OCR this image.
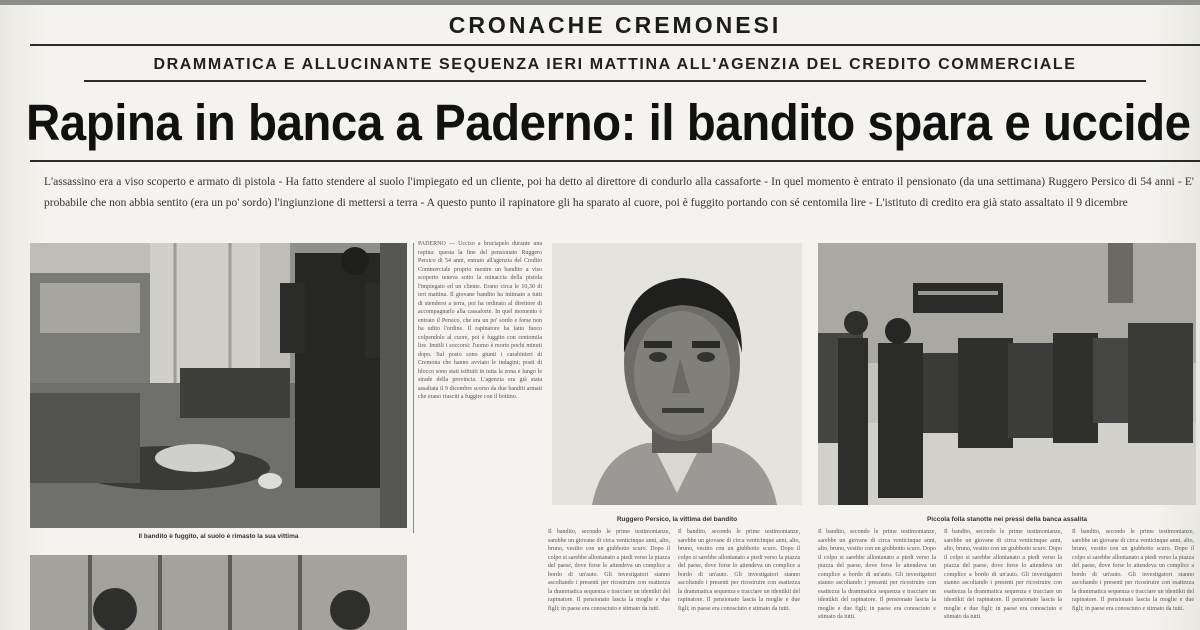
CRONACHE CREMONESI
DRAMMATICA E ALLUCINANTE SEQUENZA IERI MATTINA ALL'AGENZIA DEL CREDITO COMMERCIALE
Rapina in banca a Paderno: il bandito spara e uccide
L'assassino era a viso scoperto e armato di pistola - Ha fatto stendere al suolo l'impiegato ed un cliente, poi ha detto al direttore di condurlo alla cassaforte - In quel momento è entrato il pensionato (da una settimana) Ruggero Persico di 54 anni - E' probabile che non abbia sentito (era un po' sordo) l'ingiunzione di mettersi a terra - A questo punto il rapinatore gli ha sparato al cuore, poi è fuggito portando con sé centomila lire - L'istituto di credito era già stato assaltato il 9 dicembre
Il bandito è fuggito, al suolo è rimasto la sua vittima
PADERNO — Ucciso a bruciapelo durante una rapina: questa la fine del pensionato Ruggero Persico di 54 anni, entrato all'agenzia del Credito Commerciale proprio mentre un bandito a viso scoperto teneva sotto la minaccia della pistola l'impiegato ed un cliente. Erano circa le 10,30 di ieri mattina. Il giovane bandito ha intimato a tutti di stendersi a terra, poi ha ordinato al direttore di accompagnarlo alla cassaforte. In quel momento è entrato il Persico, che era un po' sordo e forse non ha udito l'ordine. Il rapinatore ha fatto fuoco colpendolo al cuore, poi è fuggito con centomila lire. Inutili i soccorsi: l'uomo è morto pochi minuti dopo. Sul posto sono giunti i carabinieri di Cremona che hanno avviato le indagini; posti di blocco sono stati istituiti in tutta la zona e lungo le strade della provincia. L'agenzia era già stata assaltata il 9 dicembre scorso da due banditi armati che erano riusciti a fuggire con il bottino.
Ruggero Persico, la vittima del bandito	Piccola folla stanotte nei pressi della banca assalita
Il bandito, secondo le prime testimonianze, sarebbe un giovane di circa venticinque anni, alto, bruno, vestito con un giubbotto scuro. Dopo il colpo si sarebbe allontanato a piedi verso la piazza del paese, dove forse lo attendeva un complice a bordo di un'auto. Gli investigatori stanno ascoltando i presenti per ricostruire con esattezza la drammatica sequenza e tracciare un identikit del rapinatore. Il pensionato lascia la moglie e due figli; in paese era conosciuto e stimato da tutti.
Il bandito, secondo le prime testimonianze, sarebbe un giovane di circa venticinque anni, alto, bruno, vestito con un giubbotto scuro. Dopo il colpo si sarebbe allontanato a piedi verso la piazza del paese, dove forse lo attendeva un complice a bordo di un'auto. Gli investigatori stanno ascoltando i presenti per ricostruire con esattezza la drammatica sequenza e tracciare un identikit del rapinatore. Il pensionato lascia la moglie e due figli; in paese era conosciuto e stimato da tutti.
Il bandito, secondo le prime testimonianze, sarebbe un giovane di circa venticinque anni, alto, bruno, vestito con un giubbotto scuro. Dopo il colpo si sarebbe allontanato a piedi verso la piazza del paese, dove forse lo attendeva un complice a bordo di un'auto. Gli investigatori stanno ascoltando i presenti per ricostruire con esattezza la drammatica sequenza e tracciare un identikit del rapinatore. Il pensionato lascia la moglie e due figli; in paese era conosciuto e stimato da tutti.
Il bandito, secondo le prime testimonianze, sarebbe un giovane di circa venticinque anni, alto, bruno, vestito con un giubbotto scuro. Dopo il colpo si sarebbe allontanato a piedi verso la piazza del paese, dove forse lo attendeva un complice a bordo di un'auto. Gli investigatori stanno ascoltando i presenti per ricostruire con esattezza la drammatica sequenza e tracciare un identikit del rapinatore. Il pensionato lascia la moglie e due figli; in paese era conosciuto e stimato da tutti.
Il bandito, secondo le prime testimonianze, sarebbe un giovane di circa venticinque anni, alto, bruno, vestito con un giubbotto scuro. Dopo il colpo si sarebbe allontanato a piedi verso la piazza del paese, dove forse lo attendeva un complice a bordo di un'auto. Gli investigatori stanno ascoltando i presenti per ricostruire con esattezza la drammatica sequenza e tracciare un identikit del rapinatore. Il pensionato lascia la moglie e due figli; in paese era conosciuto e stimato da tutti.
